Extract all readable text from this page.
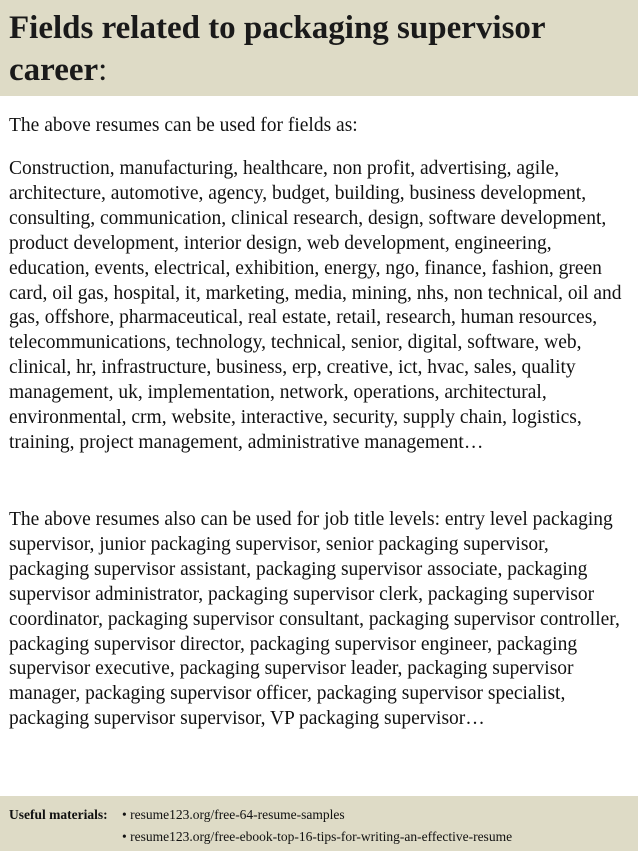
Fields related to packaging supervisor career:

The above resumes can be used for fields as:

Construction, manufacturing, healthcare, non profit, advertising, agile, architecture, automotive, agency, budget, building, business development, consulting, communication, clinical research, design, software development, product development, interior design, web development, engineering, education, events, electrical, exhibition, energy, ngo, finance, fashion, green card, oil gas, hospital, it, marketing, media, mining, nhs, non technical, oil and gas, offshore, pharmaceutical, real estate, retail, research, human resources, telecommunications, technology, technical, senior, digital, software, web, clinical, hr, infrastructure, business, erp, creative, ict, hvac, sales, quality management, uk, implementation, network, operations, architectural, environmental, crm, website, interactive, security, supply chain, logistics, training, project management, administrative management…

The above resumes also can be used for job title levels: entry level packaging supervisor, junior packaging supervisor, senior packaging supervisor, packaging supervisor assistant, packaging supervisor associate, packaging supervisor administrator, packaging supervisor clerk, packaging supervisor coordinator, packaging supervisor consultant, packaging supervisor controller, packaging supervisor director, packaging supervisor engineer, packaging supervisor executive, packaging supervisor leader, packaging supervisor manager, packaging supervisor officer, packaging supervisor specialist, packaging supervisor supervisor, VP packaging supervisor…

Useful materials: • resume123.org/free-64-resume-samples
• resume123.org/free-ebook-top-16-tips-for-writing-an-effective-resume
